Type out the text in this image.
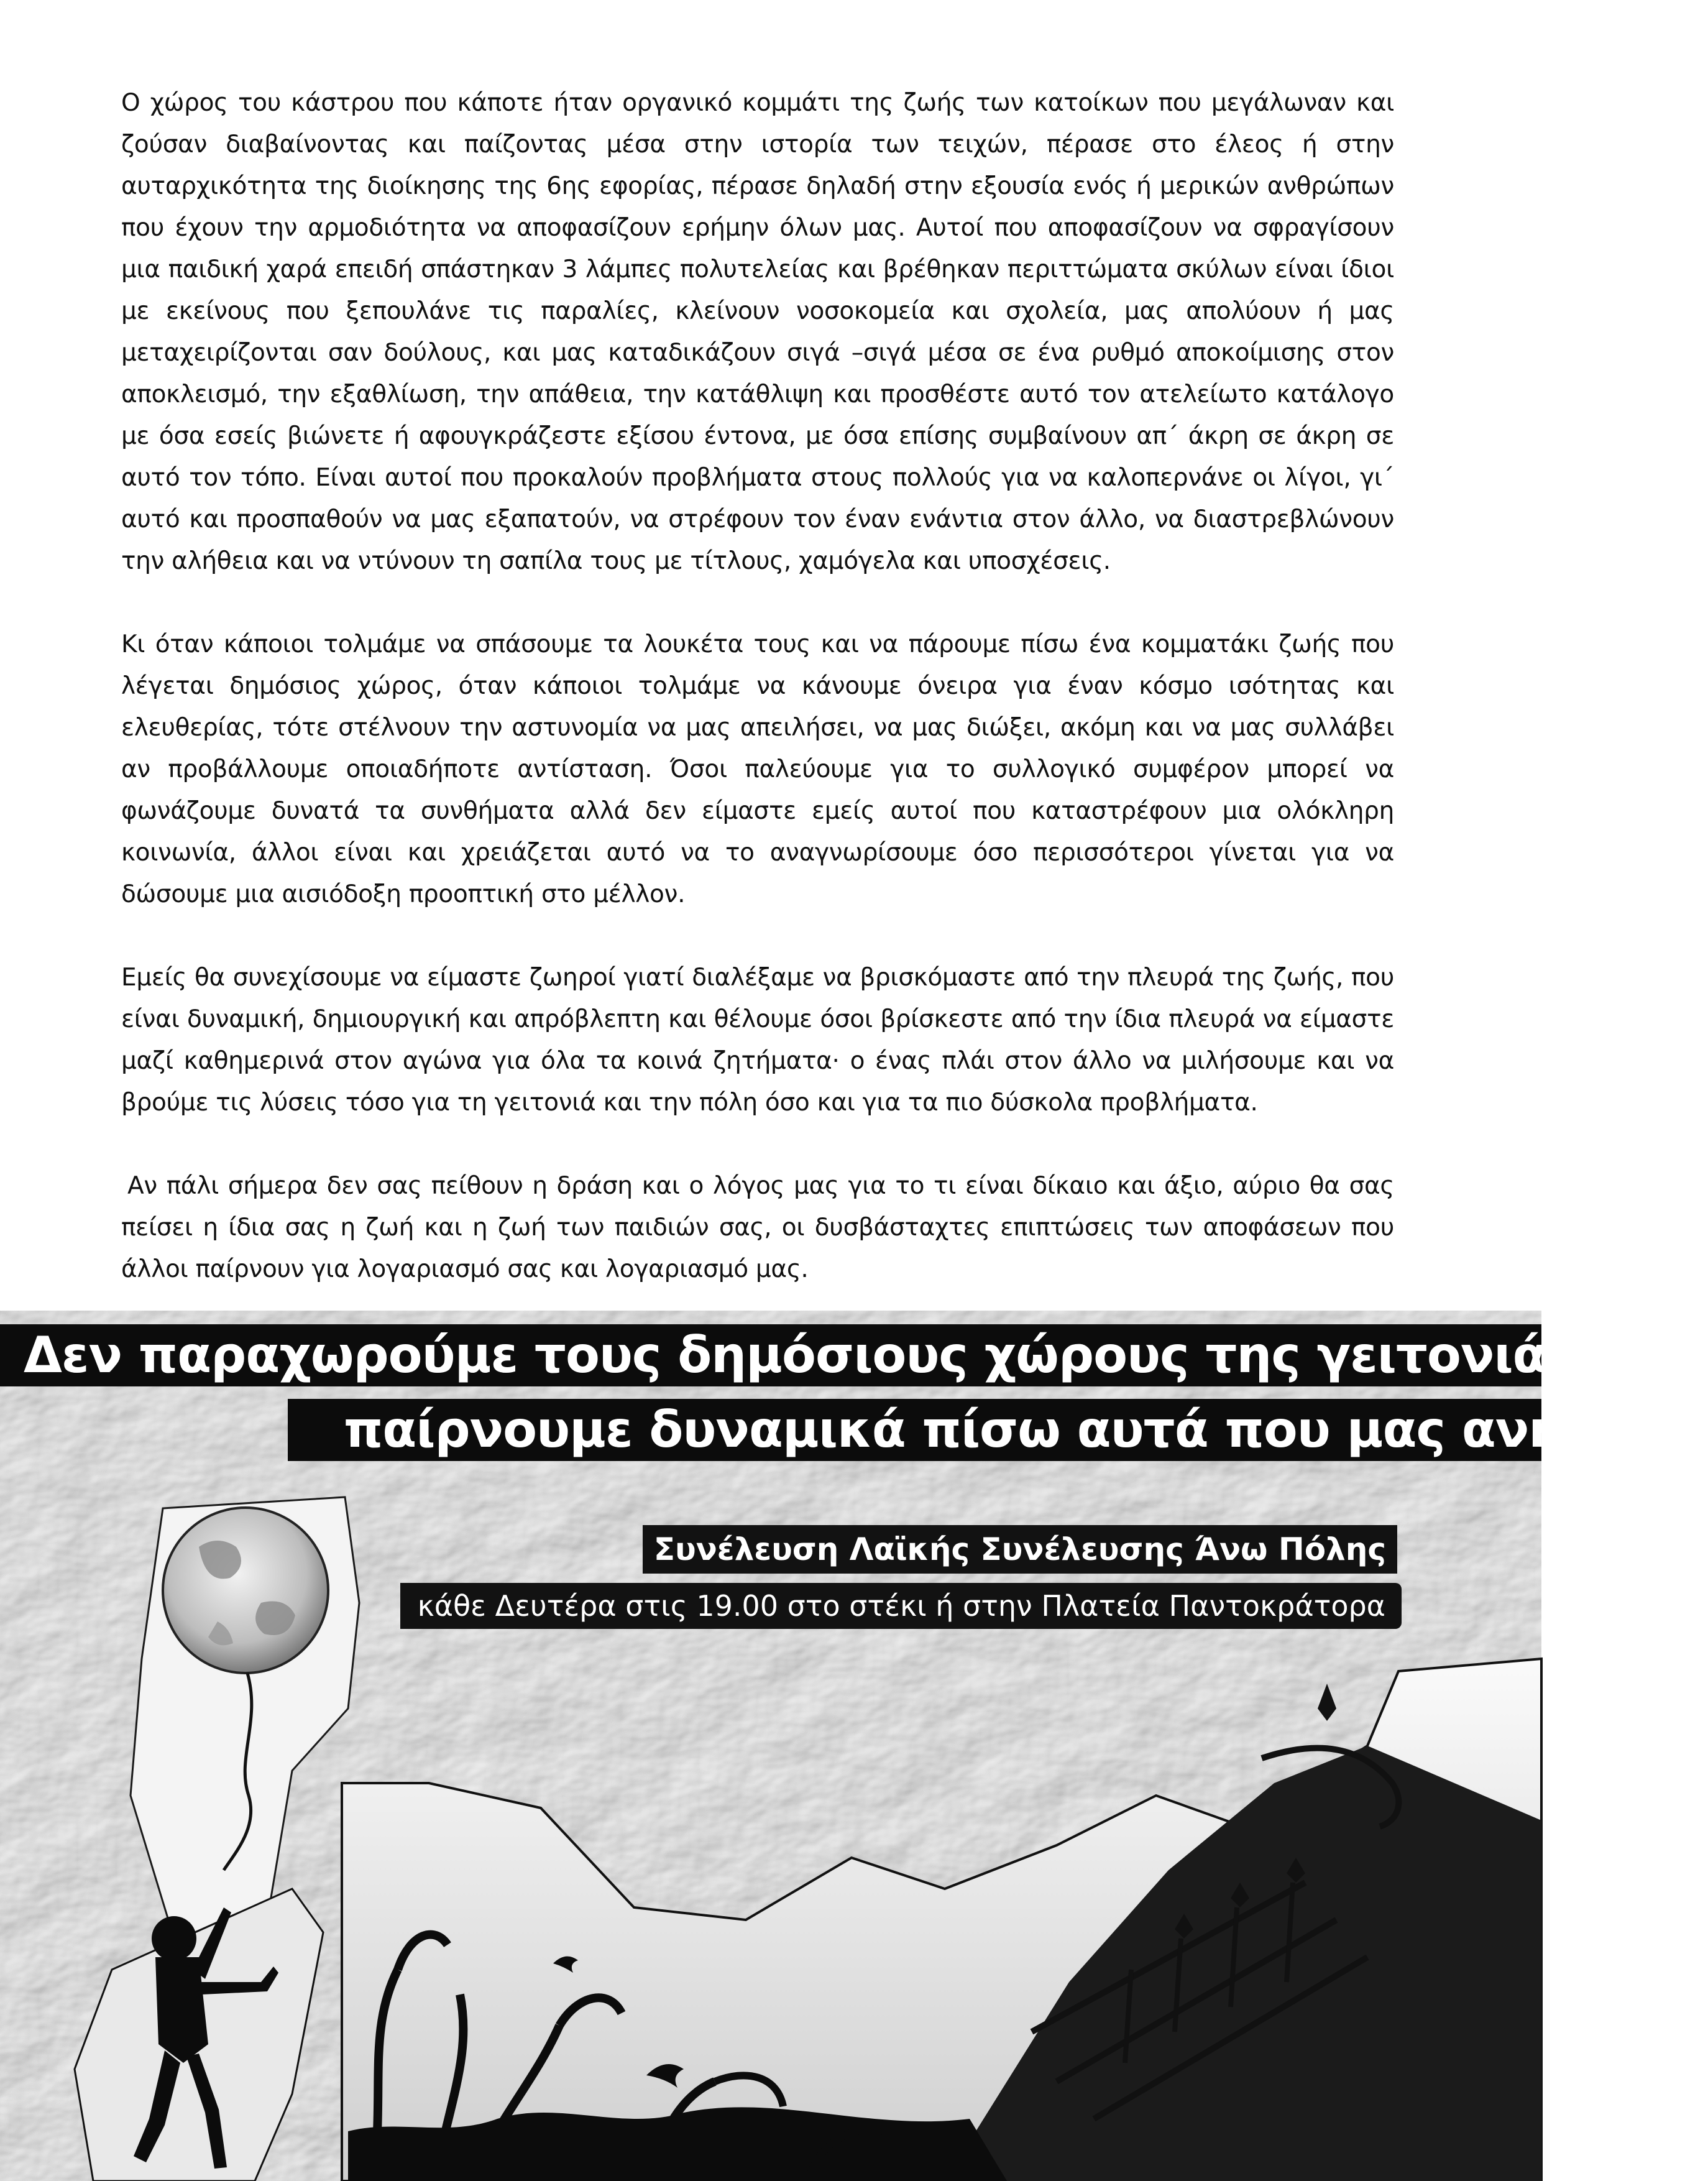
Ο χώρος του κάστρου που κάποτε ήταν οργανικό κομμάτι της ζωής των κατοίκων που μεγάλωναν και ζούσαν διαβαίνοντας και παίζοντας μέσα στην ιστορία των τειχών, πέρασε στο έλεος ή στην αυταρχικότητα της διοίκησης της 6ης εφορίας, πέρασε δηλαδή στην εξουσία ενός ή μερικών ανθρώπων που έχουν την αρμοδιότητα να αποφασίζουν ερήμην όλων μας. Αυτοί που αποφασίζουν να σφραγίσουν μια παιδική χαρά επειδή σπάστηκαν 3 λάμπες πολυτελείας και βρέθηκαν περιττώματα σκύλων είναι ίδιοι με εκείνους που ξεπουλάνε τις παραλίες, κλείνουν νοσοκομεία και σχολεία, μας απολύουν ή μας μεταχειρίζονται σαν δούλους, και μας καταδικάζουν σιγά –σιγά μέσα σε ένα ρυθμό αποκοίμισης στον αποκλεισμό, την εξαθλίωση, την απάθεια, την κατάθλιψη και προσθέστε αυτό τον ατελείωτο κατάλογο με όσα εσείς βιώνετε ή αφουγκράζεστε εξίσου έντονα, με όσα επίσης συμβαίνουν απ΄ άκρη σε άκρη σε αυτό τον τόπο. Είναι αυτοί που προκαλούν προβλήματα στους πολλούς για να καλοπερνάνε οι λίγοι, γι΄ αυτό και προσπαθούν να μας εξαπατούν, να στρέφουν τον έναν ενάντια στον άλλο, να διαστρεβλώνουν την αλήθεια και να ντύνουν τη σαπίλα τους με τίτλους, χαμόγελα και υποσχέσεις.

Κι όταν κάποιοι τολμάμε να σπάσουμε τα λουκέτα τους και να πάρουμε πίσω ένα κομματάκι ζωής που λέγεται δημόσιος χώρος, όταν κάποιοι τολμάμε να κάνουμε όνειρα για έναν κόσμο ισότητας και ελευθερίας, τότε στέλνουν την αστυνομία να μας απειλήσει, να μας διώξει, ακόμη και να μας συλλάβει αν προβάλλουμε οποιαδήποτε αντίσταση. Όσοι παλεύουμε για το συλλογικό συμφέρον μπορεί να φωνάζουμε δυνατά τα συνθήματα αλλά δεν είμαστε εμείς αυτοί που καταστρέφουν μια ολόκληρη κοινωνία, άλλοι είναι και χρειάζεται αυτό να το αναγνωρίσουμε όσο περισσότεροι γίνεται για να δώσουμε μια αισιόδοξη προοπτική στο μέλλον.

Εμείς θα συνεχίσουμε να είμαστε ζωηροί γιατί διαλέξαμε να βρισκόμαστε από την πλευρά της ζωής, που είναι δυναμική, δημιουργική και απρόβλεπτη και θέλουμε όσοι βρίσκεστε από την ίδια πλευρά να είμαστε μαζί καθημερινά στον αγώνα για όλα τα κοινά ζητήματα· ο ένας πλάι στον άλλο να μιλήσουμε και να βρούμε τις λύσεις τόσο για τη γειτονιά και την πόλη όσο και για τα πιο δύσκολα προβλήματα.

Αν πάλι σήμερα δεν σας πείθουν η δράση και ο λόγος μας για το τι είναι δίκαιο και άξιο, αύριο θα σας πείσει η ίδια σας η ζωή και η ζωή των παιδιών σας, οι δυσβάσταχτες επιπτώσεις των αποφάσεων που άλλοι παίρνουν για λογαριασμό σας και λογαριασμό μας.

Δεν παραχωρούμε τους δημόσιους χώρους της γειτονιάς μας,
παίρνουμε δυναμικά πίσω αυτά που μας ανήκουν
Συνέλευση Λαϊκής Συνέλευσης Άνω Πόλης
κάθε Δευτέρα στις 19.00 στο στέκι ή στην Πλατεία Παντοκράτορα
